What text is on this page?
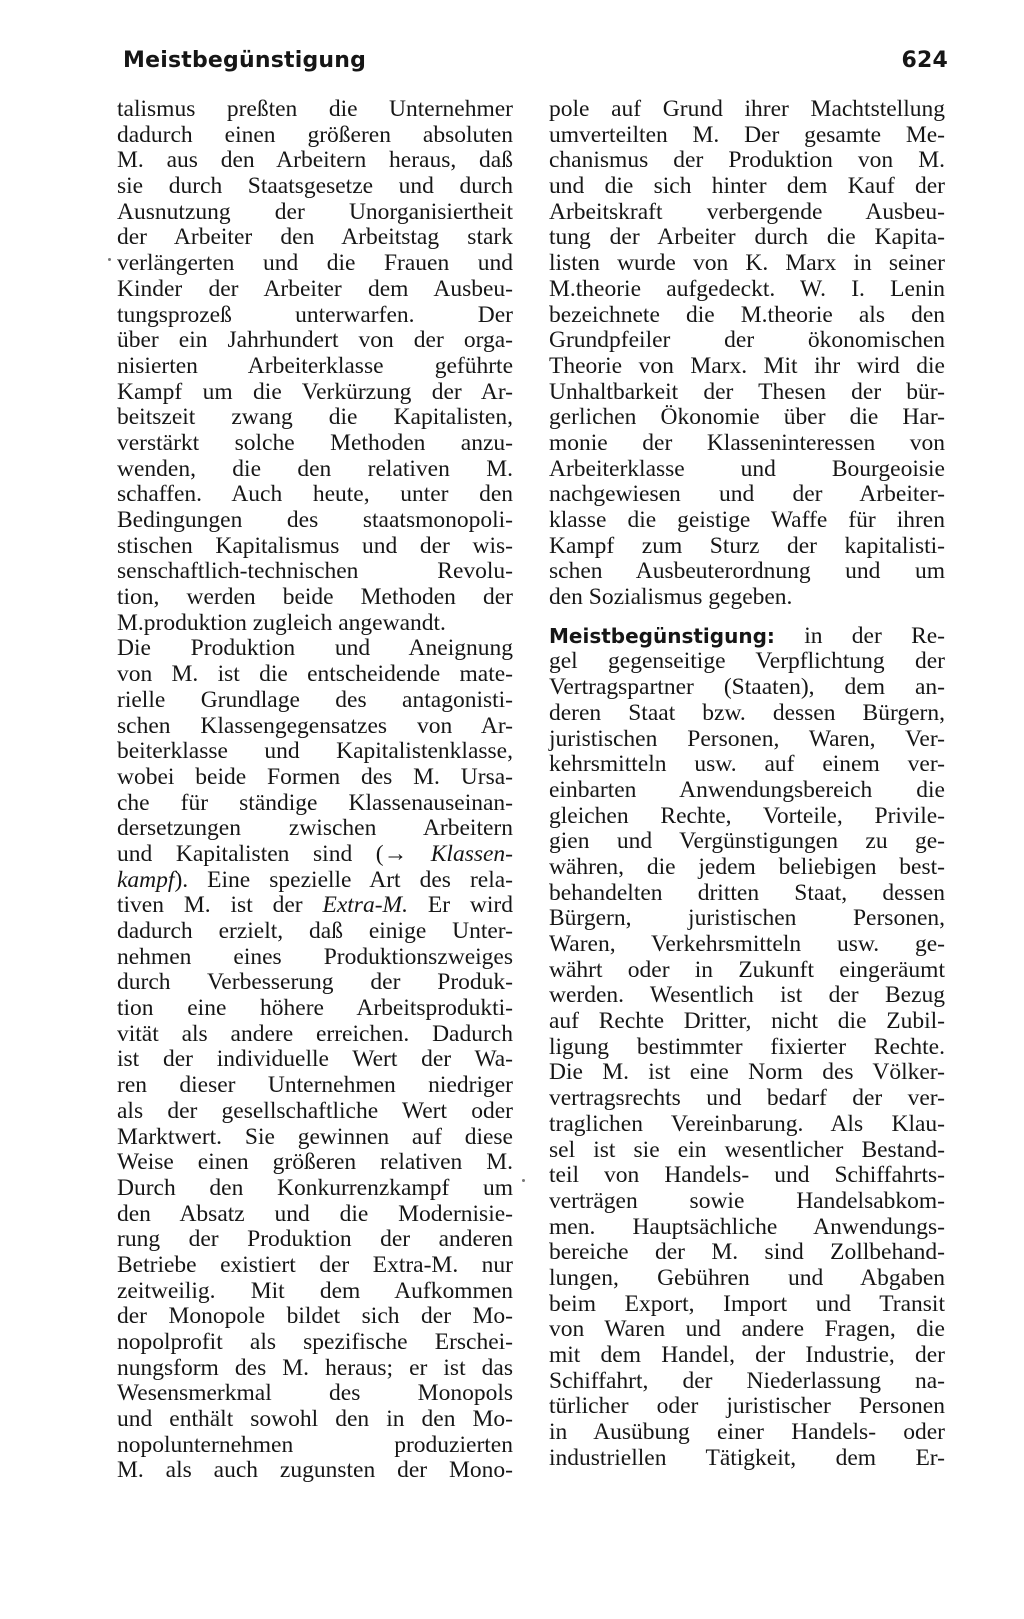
Meistbegünstigung	624
talismus preßten die Unternehmer
dadurch einen größeren absoluten
M. aus den Arbeitern heraus, daß
sie durch Staatsgesetze und durch
Ausnutzung der Unorganisiertheit
der Arbeiter den Arbeitstag stark
verlängerten und die Frauen und
Kinder der Arbeiter dem Ausbeu-
tungsprozeß unterwarfen. Der
über ein Jahrhundert von der orga-
nisierten Arbeiterklasse geführte
Kampf um die Verkürzung der Ar-
beitszeit zwang die Kapitalisten,
verstärkt solche Methoden anzu-
wenden, die den relativen M.
schaffen. Auch heute, unter den
Bedingungen des staatsmonopoli-
stischen Kapitalismus und der wis-
senschaftlich-technischen Revolu-
tion, werden beide Methoden der
M.produktion zugleich angewandt.
Die Produktion und Aneignung
von M. ist die entscheidende mate-
rielle Grundlage des antagonisti-
schen Klassengegensatzes von Ar-
beiterklasse und Kapitalistenklasse,
wobei beide Formen des M. Ursa-
che für ständige Klassenauseinan-
dersetzungen zwischen Arbeitern
und Kapitalisten sind (→ Klassen-
kampf). Eine spezielle Art des rela-
tiven M. ist der Extra-M. Er wird
dadurch erzielt, daß einige Unter-
nehmen eines Produktionszweiges
durch Verbesserung der Produk-
tion eine höhere Arbeitsprodukti-
vität als andere erreichen. Dadurch
ist der individuelle Wert der Wa-
ren dieser Unternehmen niedriger
als der gesellschaftliche Wert oder
Marktwert. Sie gewinnen auf diese
Weise einen größeren relativen M.
Durch den Konkurrenzkampf um
den Absatz und die Modernisie-
rung der Produktion der anderen
Betriebe existiert der Extra-M. nur
zeitweilig. Mit dem Aufkommen
der Monopole bildet sich der Mo-
nopolprofit als spezifische Erschei-
nungsform des M. heraus; er ist das
Wesensmerkmal des Monopols
und enthält sowohl den in den Mo-
nopolunternehmen produzierten
M. als auch zugunsten der Mono-
pole auf Grund ihrer Machtstellung
umverteilten M. Der gesamte Me-
chanismus der Produktion von M.
und die sich hinter dem Kauf der
Arbeitskraft verbergende Ausbeu-
tung der Arbeiter durch die Kapita-
listen wurde von K. Marx in seiner
M.theorie aufgedeckt. W. I. Lenin
bezeichnete die M.theorie als den
Grundpfeiler der ökonomischen
Theorie von Marx. Mit ihr wird die
Unhaltbarkeit der Thesen der bür-
gerlichen Ökonomie über die Har-
monie der Klasseninteressen von
Arbeiterklasse und Bourgeoisie
nachgewiesen und der Arbeiter-
klasse die geistige Waffe für ihren
Kampf zum Sturz der kapitalisti-
schen Ausbeuterordnung und um
den Sozialismus gegeben.
Meistbegünstigung: in der Re-
gel gegenseitige Verpflichtung der
Vertragspartner (Staaten), dem an-
deren Staat bzw. dessen Bürgern,
juristischen Personen, Waren, Ver-
kehrsmitteln usw. auf einem ver-
einbarten Anwendungsbereich die
gleichen Rechte, Vorteile, Privile-
gien und Vergünstigungen zu ge-
währen, die jedem beliebigen best-
behandelten dritten Staat, dessen
Bürgern, juristischen Personen,
Waren, Verkehrsmitteln usw. ge-
währt oder in Zukunft eingeräumt
werden. Wesentlich ist der Bezug
auf Rechte Dritter, nicht die Zubil-
ligung bestimmter fixierter Rechte.
Die M. ist eine Norm des Völker-
vertragsrechts und bedarf der ver-
traglichen Vereinbarung. Als Klau-
sel ist sie ein wesentlicher Bestand-
teil von Handels- und Schiffahrts-
verträgen sowie Handelsabkom-
men. Hauptsächliche Anwendungs-
bereiche der M. sind Zollbehand-
lungen, Gebühren und Abgaben
beim Export, Import und Transit
von Waren und andere Fragen, die
mit dem Handel, der Industrie, der
Schiffahrt, der Niederlassung na-
türlicher oder juristischer Personen
in Ausübung einer Handels- oder
industriellen Tätigkeit, dem Er-
